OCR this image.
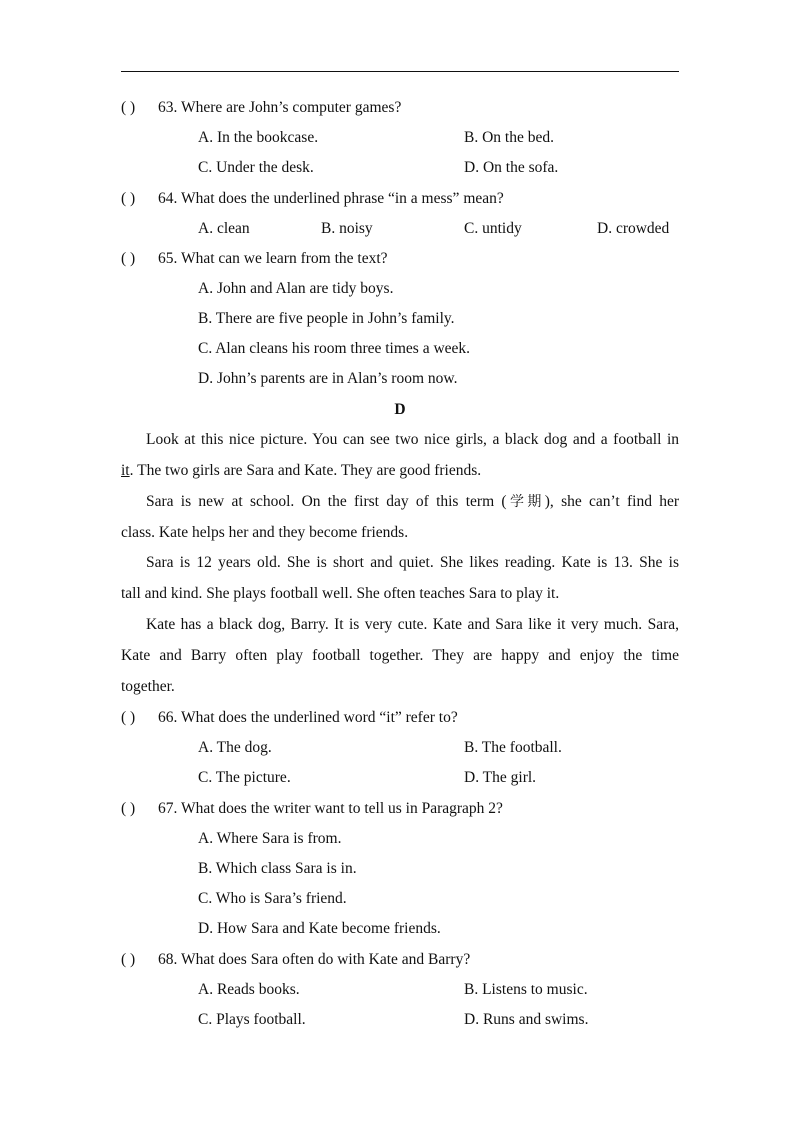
( ) 63. Where are John’s computer games?
A. In the bookcase.	B. On the bed.
C. Under the desk.	D. On the sofa.
( ) 64. What does the underlined phrase “in a mess” mean?
A. clean	B. noisy	C. untidy	D. crowded
( ) 65. What can we learn from the text?
A. John and Alan are tidy boys.
B. There are five people in John’s family.
C. Alan cleans his room three times a week.
D. John’s parents are in Alan’s room now.
D
Look at this nice picture. You can see two nice girls, a black dog and a football in
it. The two girls are Sara and Kate. They are good friends.
Sara is new at school. On the first day of this term (学期), she can’t find her
class. Kate helps her and they become friends.
Sara is 12 years old. She is short and quiet. She likes reading. Kate is 13. She is
tall and kind. She plays football well. She often teaches Sara to play it.
Kate has a black dog, Barry. It is very cute. Kate and Sara like it very much. Sara,
Kate and Barry often play football together. They are happy and enjoy the time
together.
( ) 66. What does the underlined word “it” refer to?
A. The dog.	B. The football.
C. The picture.	D. The girl.
( ) 67. What does the writer want to tell us in Paragraph 2?
A. Where Sara is from.
B. Which class Sara is in.
C. Who is Sara’s friend.
D. How Sara and Kate become friends.
( ) 68. What does Sara often do with Kate and Barry?
A. Reads books.	B. Listens to music.
C. Plays football.	D. Runs and swims.
